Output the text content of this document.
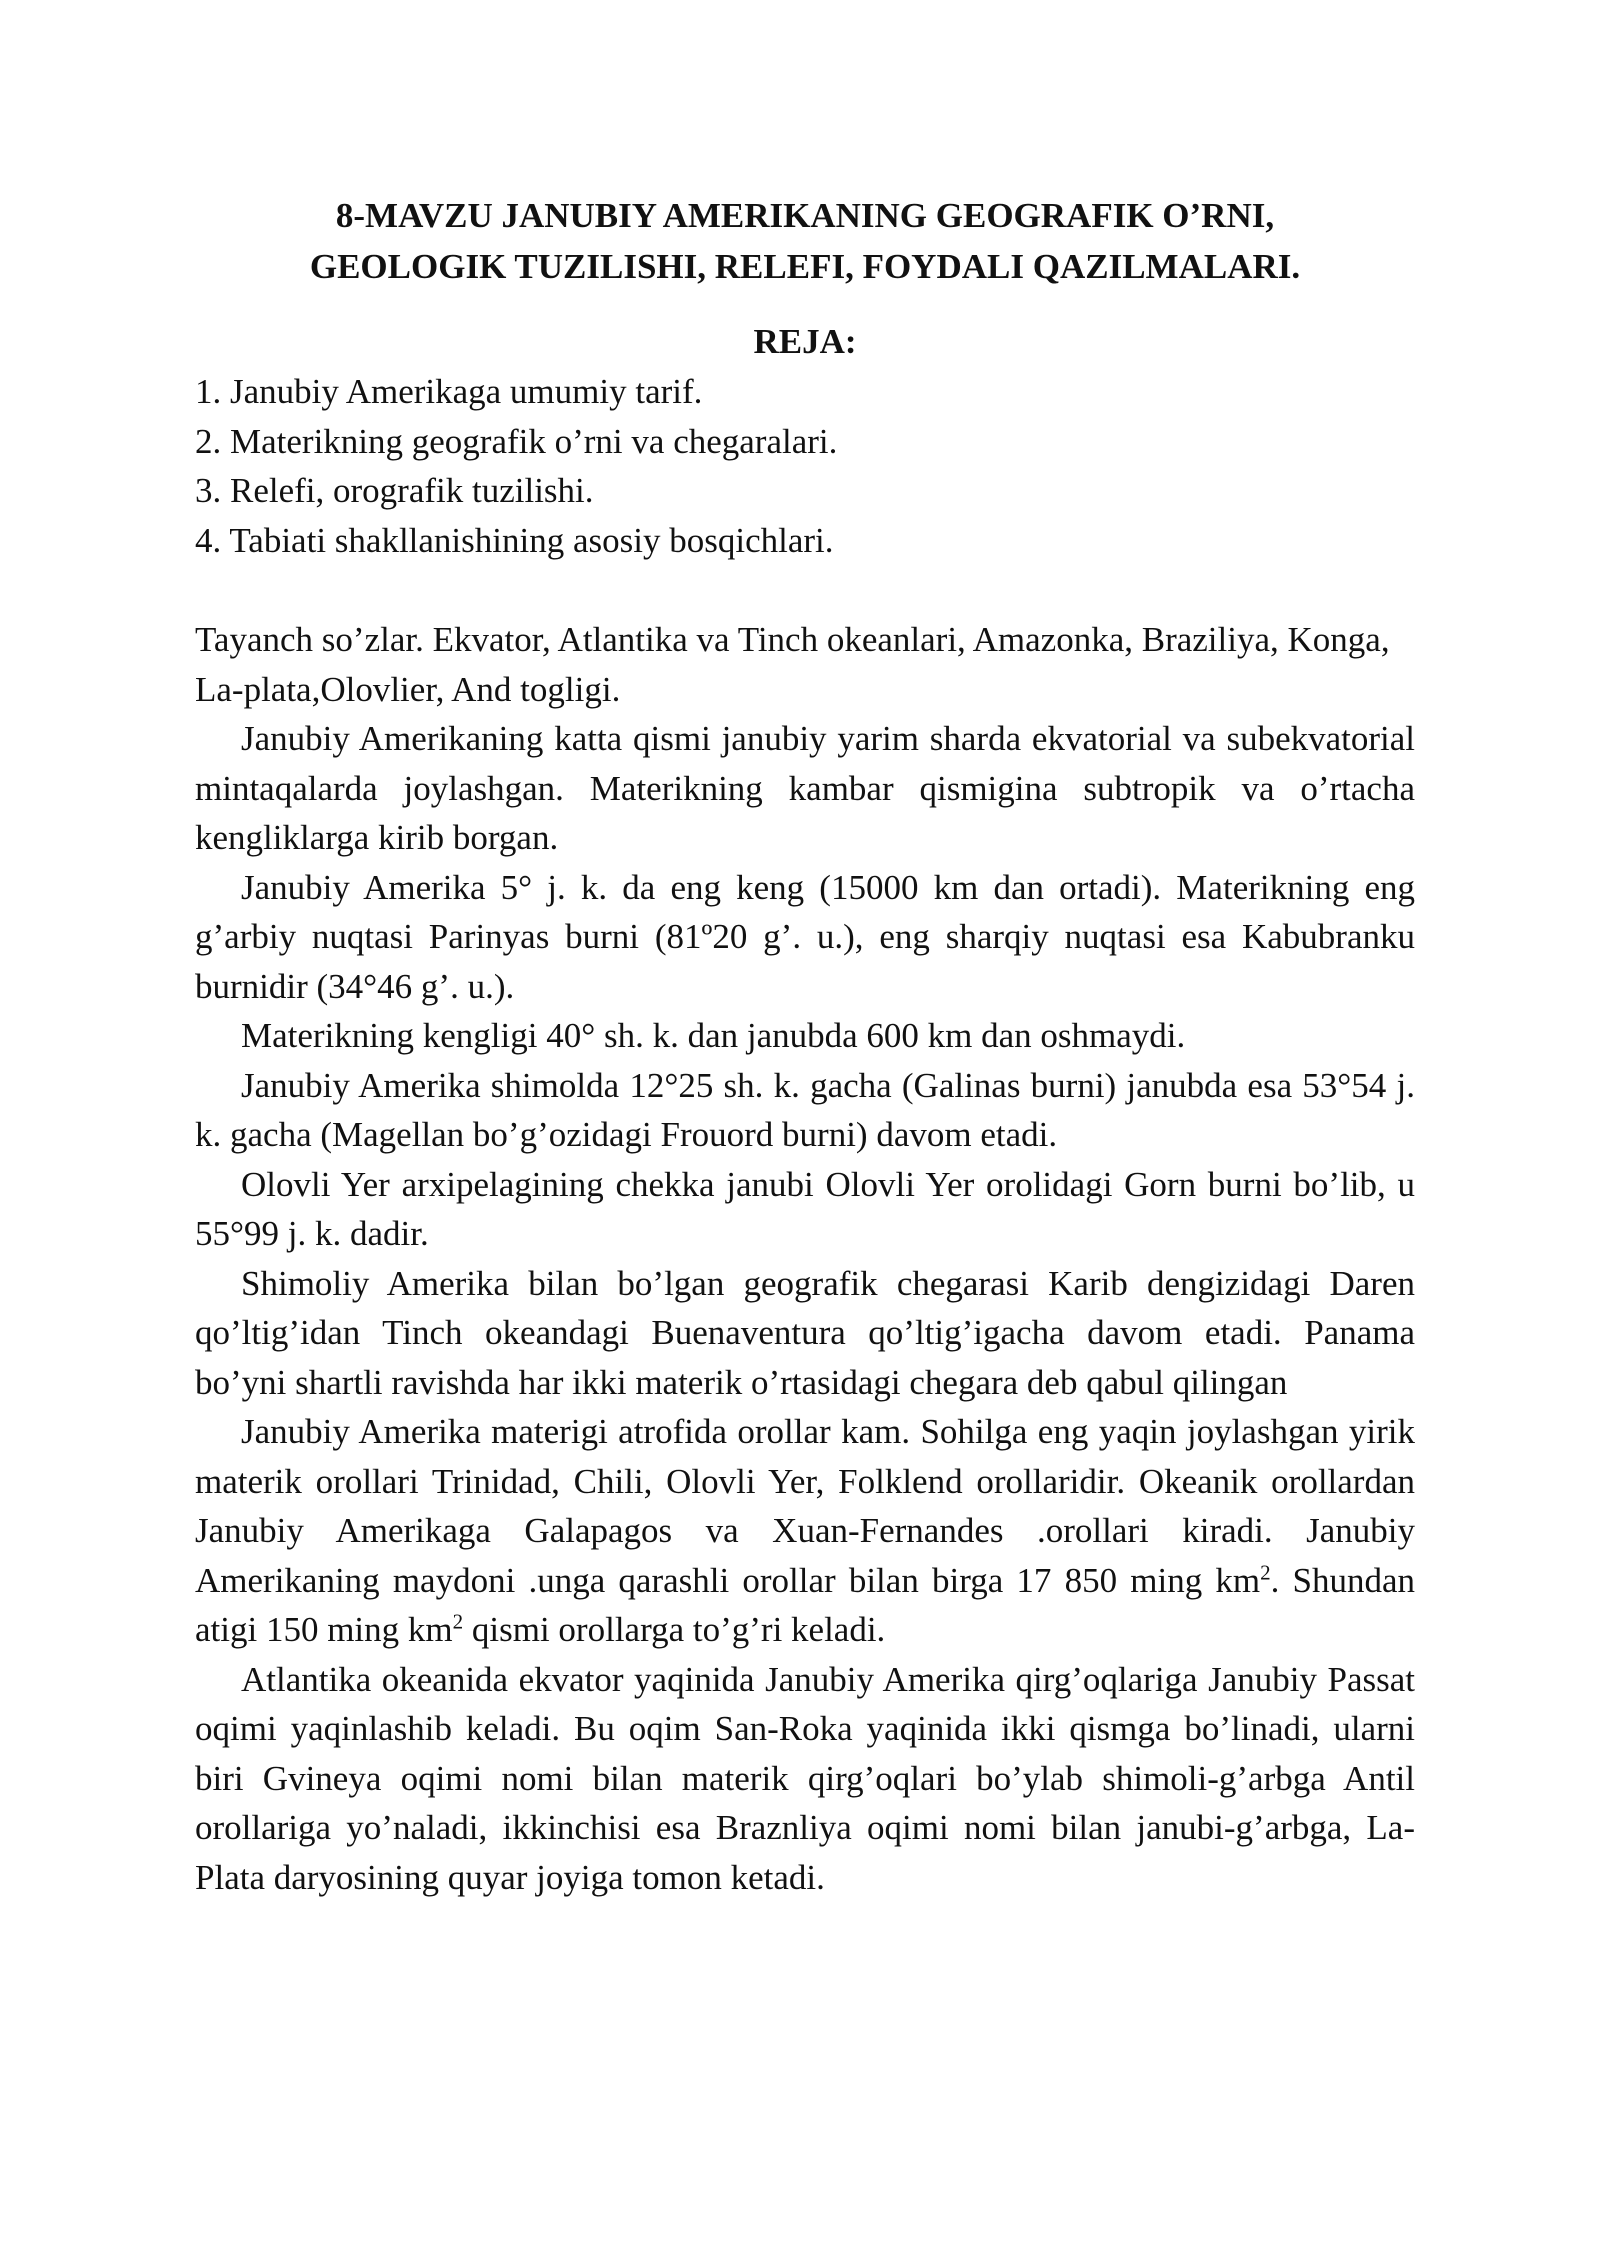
8-MAVZU JANUBIY AMERIKANING GEOGRAFIK O’RNI,
GEOLOGIK TUZILISHI, RELEFI, FOYDALI QAZILMALARI.

REJA:

1. Janubiy Amerikaga umumiy tarif.

2. Materikning geografik o’rni va chegaralari.

3. Relefi, orografik tuzilishi.

4. Tabiati shakllanishining asosiy bosqichlari.

Tayanch so’zlar. Ekvator, Atlantika va Tinch okeanlari, Amazonka, Braziliya, Konga, La-plata,Olovlier, And togligi.

Janubiy Amerikaning katta qismi janubiy yarim sharda ekvatorial va subekvatorial mintaqalarda joylashgan. Materikning kambar qismigina subtropik va o’rtacha kengliklarga kirib borgan.

Janubiy Amerika 5° j. k. da eng keng (15000 km dan ortadi). Materikning eng g’arbiy nuqtasi Parinyas burni (81º20 g’. u.), eng sharqiy nuqtasi esa Kabubranku burnidir (34°46 g’. u.).

Materikning kengligi 40° sh. k. dan janubda 600 km dan oshmaydi.

Janubiy Amerika shimolda 12°25 sh. k. gacha (Galinas burni) janubda esa 53°54 j. k. gacha (Magellan bo’g’ozidagi Frouord burni) davom etadi.

Olovli Yer arxipelagining chekka janubi Olovli Yer orolidagi Gorn burni bo’lib, u 55°99 j. k. dadir.

Shimoliy Amerika bilan bo’lgan geografik chegarasi Karib dengizidagi Daren qo’ltig’idan Tinch okeandagi Buenaventura qo’ltig’igacha davom etadi. Panama bo’yni shartli ravishda har ikki materik o’rtasidagi chegara deb qabul qilingan

Janubiy Amerika materigi atrofida orollar kam. Sohilga eng yaqin joylashgan yirik materik orollari Trinidad, Chili, Olovli Yer, Folklend orollaridir. Okeanik orollardan Janubiy Amerikaga Galapagos va Xuan-Fernandes .orollari kiradi. Janubiy Amerikaning maydoni .unga qarashli orollar bilan birga 17 850 ming $km^2$. Shundan atigi 150 ming $km^2$ qismi orollarga to’g’ri keladi.

Atlantika okeanida ekvator yaqinida Janubiy Amerika qirg’oqlariga Janubiy Passat oqimi yaqinlashib keladi. Bu oqim San-Roka yaqinida ikki qismga bo’linadi, ularni biri Gvineya oqimi nomi bilan materik qirg’oqlari bo’ylab shimoli-g’arbga Antil orollariga yo’naladi, ikkinchisi esa Braznliya oqimi nomi bilan janubi-g’arbga, La-Plata daryosining quyar joyiga tomon ketadi.
